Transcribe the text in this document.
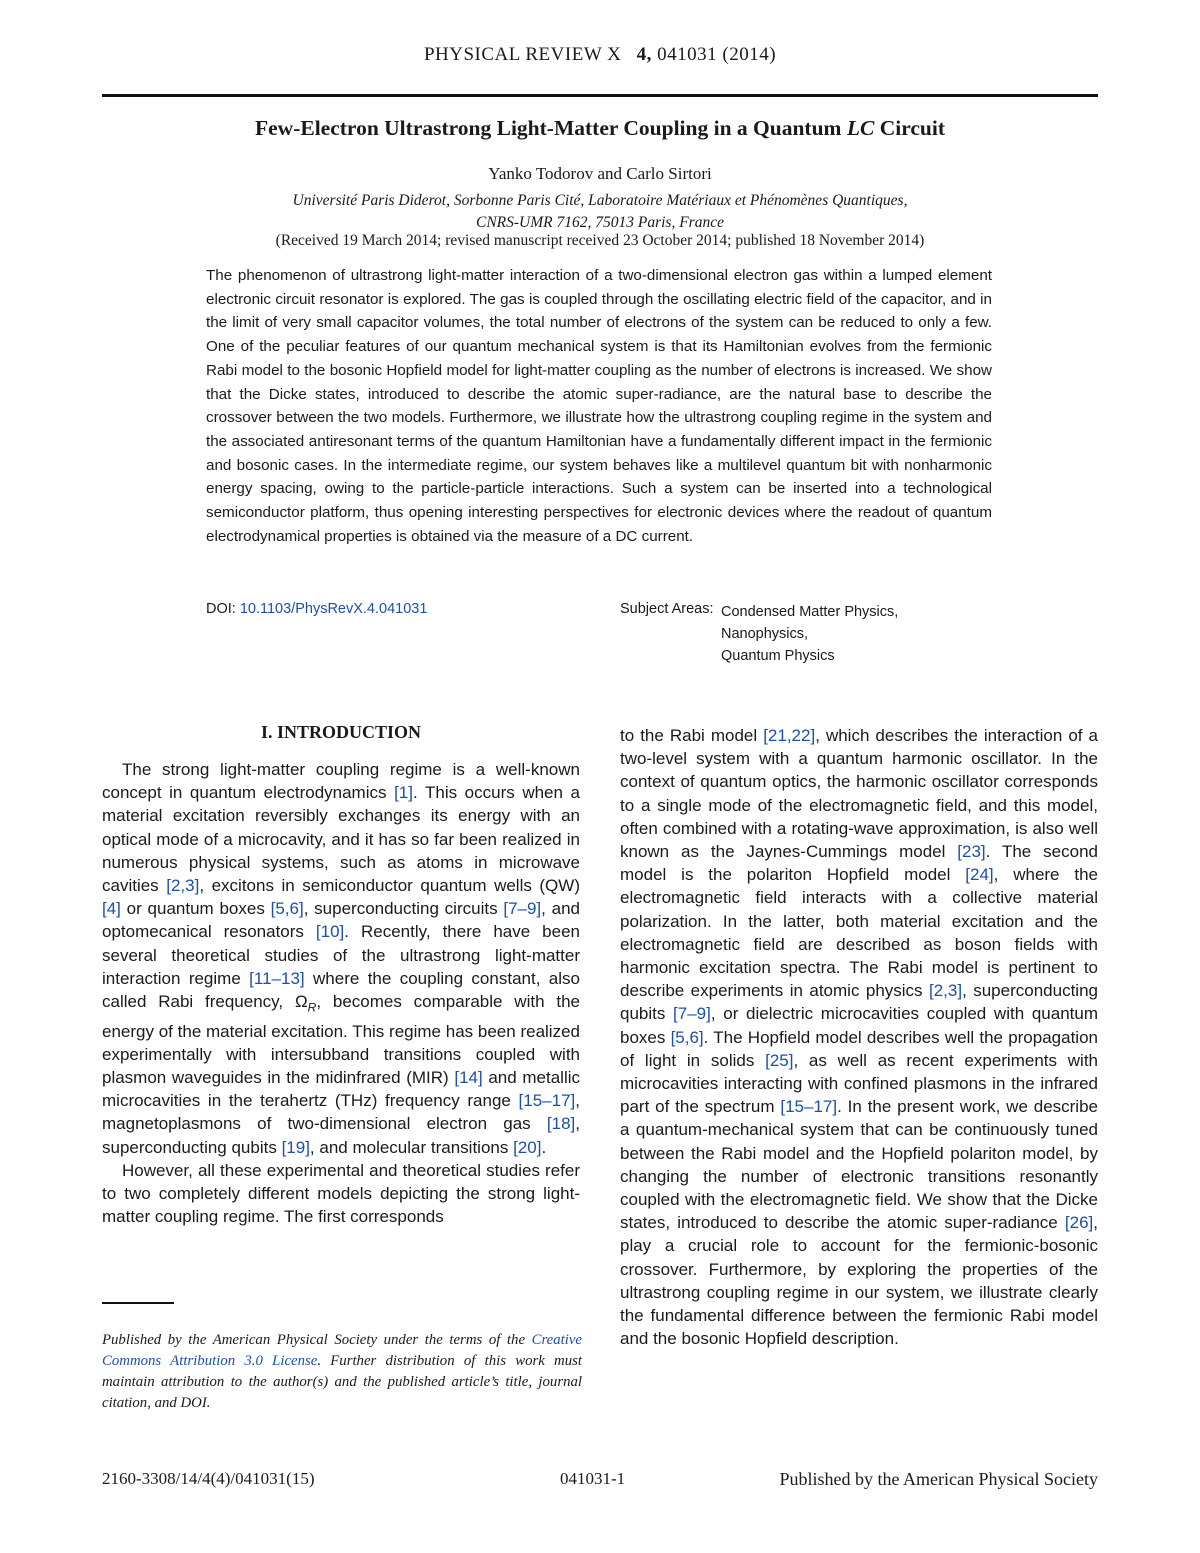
PHYSICAL REVIEW X 4, 041031 (2014)
Few-Electron Ultrastrong Light-Matter Coupling in a Quantum LC Circuit
Yanko Todorov and Carlo Sirtori
Université Paris Diderot, Sorbonne Paris Cité, Laboratoire Matériaux et Phénomènes Quantiques,
CNRS-UMR 7162, 75013 Paris, France
(Received 19 March 2014; revised manuscript received 23 October 2014; published 18 November 2014)
The phenomenon of ultrastrong light-matter interaction of a two-dimensional electron gas within a lumped element electronic circuit resonator is explored. The gas is coupled through the oscillating electric field of the capacitor, and in the limit of very small capacitor volumes, the total number of electrons of the system can be reduced to only a few. One of the peculiar features of our quantum mechanical system is that its Hamiltonian evolves from the fermionic Rabi model to the bosonic Hopfield model for light-matter coupling as the number of electrons is increased. We show that the Dicke states, introduced to describe the atomic super-radiance, are the natural base to describe the crossover between the two models. Furthermore, we illustrate how the ultrastrong coupling regime in the system and the associated antiresonant terms of the quantum Hamiltonian have a fundamentally different impact in the fermionic and bosonic cases. In the intermediate regime, our system behaves like a multilevel quantum bit with nonharmonic energy spacing, owing to the particle-particle interactions. Such a system can be inserted into a technological semiconductor platform, thus opening interesting perspectives for electronic devices where the readout of quantum electrodynamical properties is obtained via the measure of a DC current.
DOI: 10.1103/PhysRevX.4.041031	Subject Areas: Condensed Matter Physics,
Nanophysics,
Quantum Physics
I. INTRODUCTION

The strong light-matter coupling regime is a well-known concept in quantum electrodynamics [1]. This occurs when a material excitation reversibly exchanges its energy with an optical mode of a microcavity, and it has so far been realized in numerous physical systems, such as atoms in microwave cavities [2,3], excitons in semiconductor quantum wells (QW) [4] or quantum boxes [5,6], superconducting circuits [7–9], and optomecanical resonators [10]. Recently, there have been several theoretical studies of the ultrastrong light-matter interaction regime [11–13] where the coupling constant, also called Rabi frequency, $\Omega_R$, becomes comparable with the energy of the material excitation. This regime has been realized experimentally with intersubband transitions coupled with plasmon waveguides in the midinfrared (MIR) [14] and metallic microcavities in the terahertz (THz) frequency range [15–17], magnetoplasmons of two-dimensional electron gas [18], superconducting qubits [19], and molecular transitions [20].

However, all these experimental and theoretical studies refer to two completely different models depicting the strong light-matter coupling regime. The first corresponds

to the Rabi model [21,22], which describes the interaction of a two-level system with a quantum harmonic oscillator. In the context of quantum optics, the harmonic oscillator corresponds to a single mode of the electromagnetic field, and this model, often combined with a rotating-wave approximation, is also well known as the Jaynes-Cummings model [23]. The second model is the polariton Hopfield model [24], where the electromagnetic field interacts with a collective material polarization. In the latter, both material excitation and the electromagnetic field are described as boson fields with harmonic excitation spectra. The Rabi model is pertinent to describe experiments in atomic physics [2,3], superconducting qubits [7–9], or dielectric microcavities coupled with quantum boxes [5,6]. The Hopfield model describes well the propagation of light in solids [25], as well as recent experiments with microcavities interacting with confined plasmons in the infrared part of the spectrum [15–17]. In the present work, we describe a quantum-mechanical system that can be continuously tuned between the Rabi model and the Hopfield polariton model, by changing the number of electronic transitions resonantly coupled with the electromagnetic field. We show that the Dicke states, introduced to describe the atomic super-radiance [26], play a crucial role to account for the fermionic-bosonic crossover. Furthermore, by exploring the properties of the ultrastrong coupling regime in our system, we illustrate clearly the fundamental difference between the fermionic Rabi model and the bosonic Hopfield description.

Published by the American Physical Society under the terms of the Creative Commons Attribution 3.0 License. Further distribution of this work must maintain attribution to the author(s) and the published article’s title, journal citation, and DOI.
2160-3308/14/4(4)/041031(15)	041031-1	Published by the American Physical Society
